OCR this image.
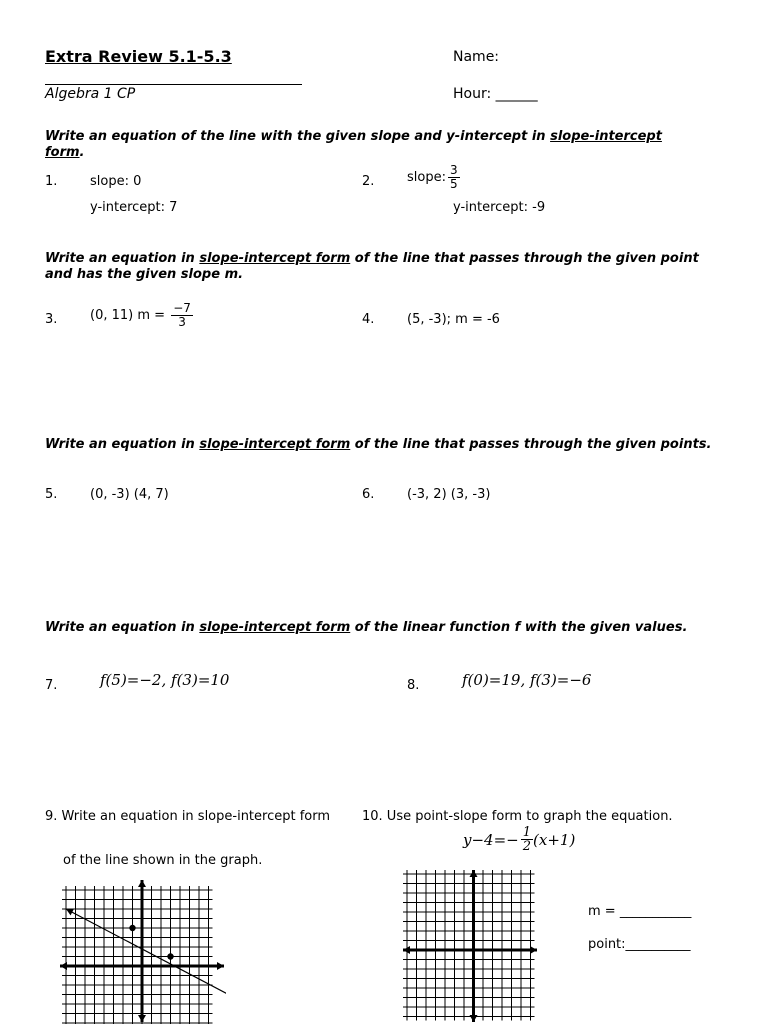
Extra Review 5.1-5.3
Algebra 1 CP
Name:
Hour: ______
Write an equation of the line with the given slope and y-intercept in slope-intercept
form.
1.	slope: 0
y-intercept: 7
2.	slope: $\frac{3}{5}$
y-intercept: -9
Write an equation in slope-intercept form of the line that passes through the given point and has the given slope m.
3.	(0, 11) $m = \frac{-7}{3}$	4.	(5, -3); m = -6
Write an equation in slope-intercept form of the line that passes through the given points.
5.	(0, -3) (4, 7)	6.	(-3, 2) (3, -3)
Write an equation in slope-intercept form of the linear function f with the given values.
7.	f(5)=−2, f(3)=10	8.	f(0)=19, f(3)=−6
9. Write an equation in slope-intercept form
of the line shown in the graph.
10. Use point-slope form to graph the equation.
$y-4=- \frac{1}{2} (x+1)$
m = ___________
point:__________
